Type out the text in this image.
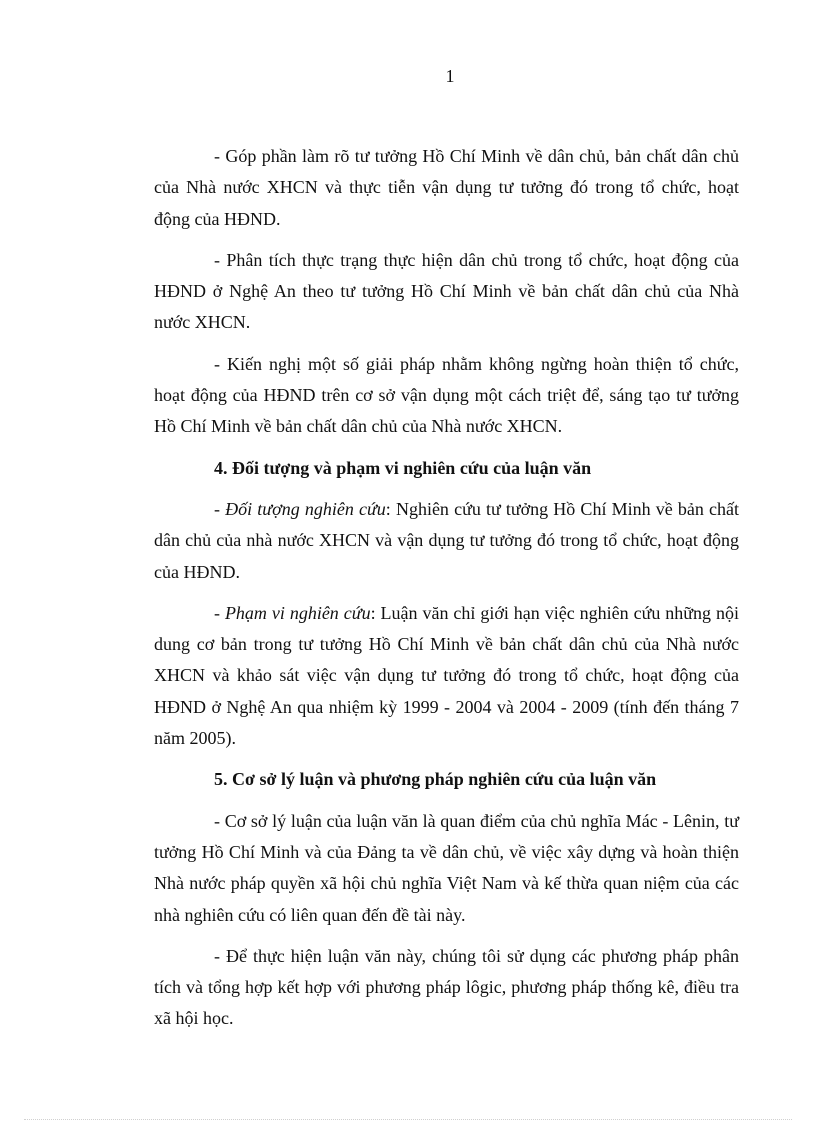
1

- Góp phần làm rõ tư tưởng Hồ Chí Minh về dân chủ, bản chất dân chủ của Nhà nước XHCN và thực tiễn vận dụng tư tưởng đó trong tổ chức, hoạt động của HĐND.

- Phân tích thực trạng thực hiện dân chủ trong tổ chức, hoạt động của HĐND ở Nghệ An theo tư tưởng Hồ Chí Minh về bản chất dân chủ của Nhà nước XHCN.

- Kiến nghị một số giải pháp nhằm không ngừng hoàn thiện tổ chức, hoạt động của HĐND trên cơ sở vận dụng một cách triệt để, sáng tạo tư tưởng Hồ Chí Minh về bản chất dân chủ của Nhà nước XHCN.

4. Đối tượng và phạm vi nghiên cứu của luận văn

- Đối tượng nghiên cứu: Nghiên cứu tư tưởng Hồ Chí Minh về bản chất dân chủ của nhà nước XHCN và vận dụng tư tưởng đó trong tổ chức, hoạt động của HĐND.

- Phạm vi nghiên cứu: Luận văn chỉ giới hạn việc nghiên cứu những nội dung cơ bản trong tư tưởng Hồ Chí Minh về bản chất dân chủ của Nhà nước XHCN và khảo sát việc vận dụng tư tưởng đó trong tổ chức, hoạt động của HĐND ở Nghệ An qua nhiệm kỳ 1999 - 2004 và 2004 - 2009 (tính đến tháng 7 năm 2005).

5. Cơ sở lý luận và phương pháp nghiên cứu của luận văn

- Cơ sở lý luận của luận văn là quan điểm của chủ nghĩa Mác - Lênin, tư tưởng Hồ Chí Minh và của Đảng ta về dân chủ, về việc xây dựng và hoàn thiện Nhà nước pháp quyền xã hội chủ nghĩa Việt Nam và kế thừa quan niệm của các nhà nghiên cứu có liên quan đến đề tài này.

- Để thực hiện luận văn này, chúng tôi sử dụng các phương pháp phân tích và tổng hợp kết hợp với phương pháp lôgic, phương pháp thống kê, điều tra xã hội học.
